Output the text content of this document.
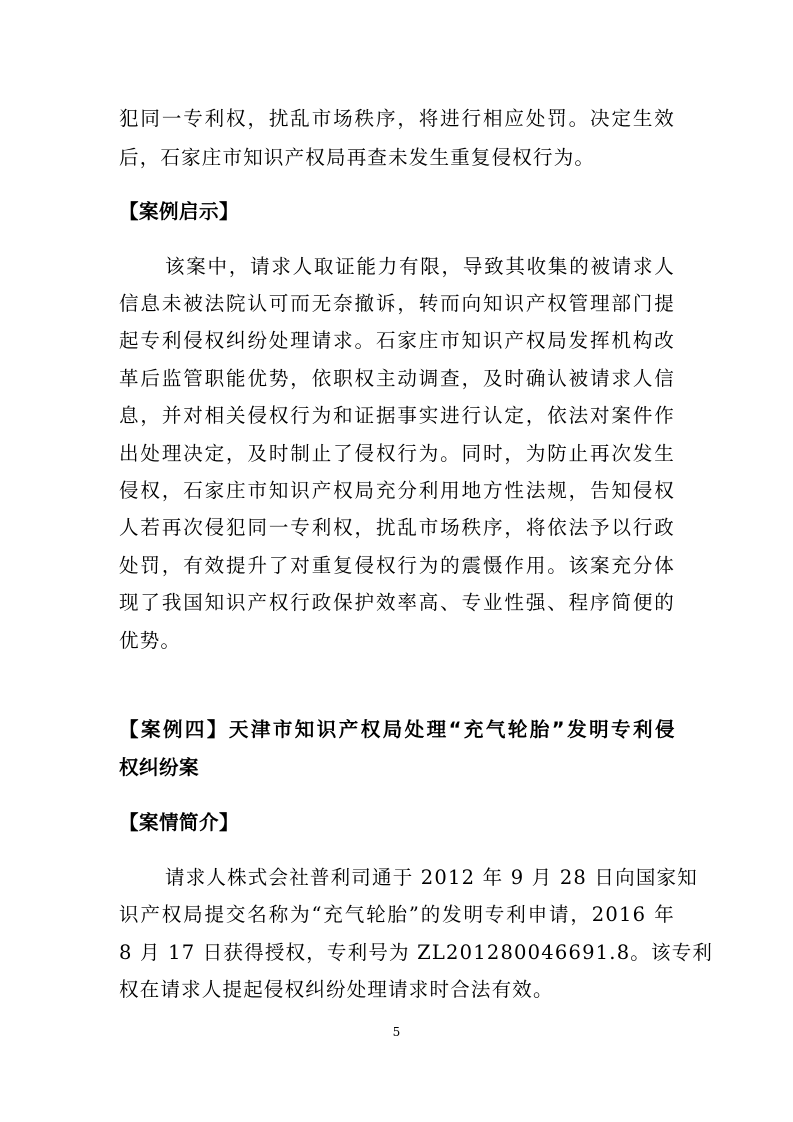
犯同一专利权，扰乱市场秩序，将进行相应处罚。决定生效
后，石家庄市知识产权局再查未发生重复侵权行为。
【案例启示】
该案中，请求人取证能力有限，导致其收集的被请求人
信息未被法院认可而无奈撤诉，转而向知识产权管理部门提
起专利侵权纠纷处理请求。石家庄市知识产权局发挥机构改
革后监管职能优势，依职权主动调查，及时确认被请求人信
息，并对相关侵权行为和证据事实进行认定，依法对案件作
出处理决定，及时制止了侵权行为。同时，为防止再次发生
侵权，石家庄市知识产权局充分利用地方性法规，告知侵权
人若再次侵犯同一专利权，扰乱市场秩序，将依法予以行政
处罚，有效提升了对重复侵权行为的震慑作用。该案充分体
现了我国知识产权行政保护效率高、专业性强、程序简便的
优势。
【案例四】天津市知识产权局处理“充气轮胎”发明专利侵
权纠纷案
【案情简介】
请求人株式会社普利司通于 2012 年 9 月 28 日向国家知
识产权局提交名称为“充气轮胎”的发明专利申请，2016 年
8 月 17 日获得授权，专利号为 ZL201280046691.8。该专利
权在请求人提起侵权纠纷处理请求时合法有效。
5
